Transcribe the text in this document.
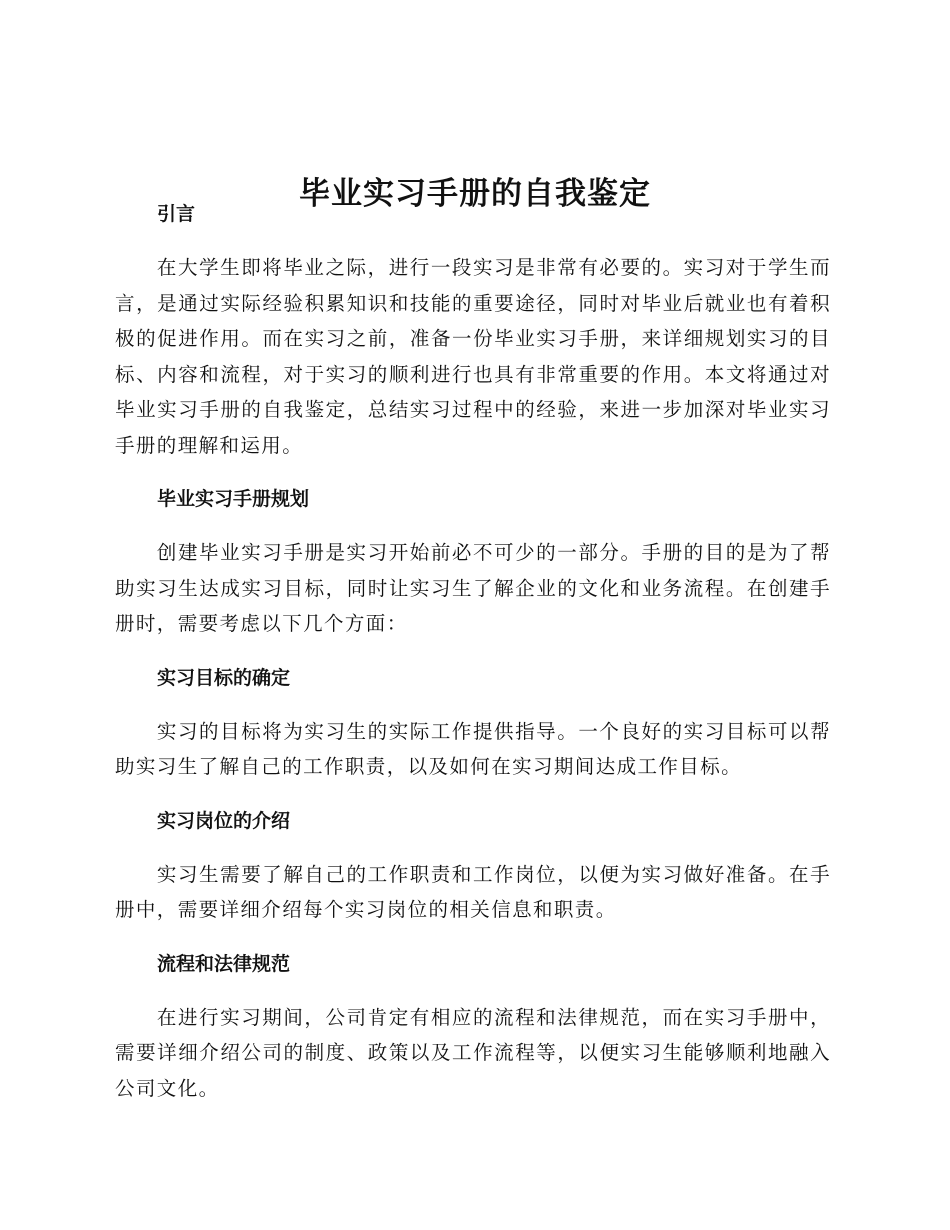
毕业实习手册的自我鉴定
引言

在大学生即将毕业之际，进行一段实习是非常有必要的。实习对于学生而言，是通过实际经验积累知识和技能的重要途径，同时对毕业后就业也有着积极的促进作用。而在实习之前，准备一份毕业实习手册，来详细规划实习的目标、内容和流程，对于实习的顺利进行也具有非常重要的作用。本文将通过对毕业实习手册的自我鉴定，总结实习过程中的经验，来进一步加深对毕业实习手册的理解和运用。

毕业实习手册规划

创建毕业实习手册是实习开始前必不可少的一部分。手册的目的是为了帮助实习生达成实习目标，同时让实习生了解企业的文化和业务流程。在创建手册时，需要考虑以下几个方面：

实习目标的确定

实习的目标将为实习生的实际工作提供指导。一个良好的实习目标可以帮助实习生了解自己的工作职责，以及如何在实习期间达成工作目标。

实习岗位的介绍

实习生需要了解自己的工作职责和工作岗位，以便为实习做好准备。在手册中，需要详细介绍每个实习岗位的相关信息和职责。

流程和法律规范

在进行实习期间，公司肯定有相应的流程和法律规范，而在实习手册中，需要详细介绍公司的制度、政策以及工作流程等，以便实习生能够顺利地融入公司文化。
